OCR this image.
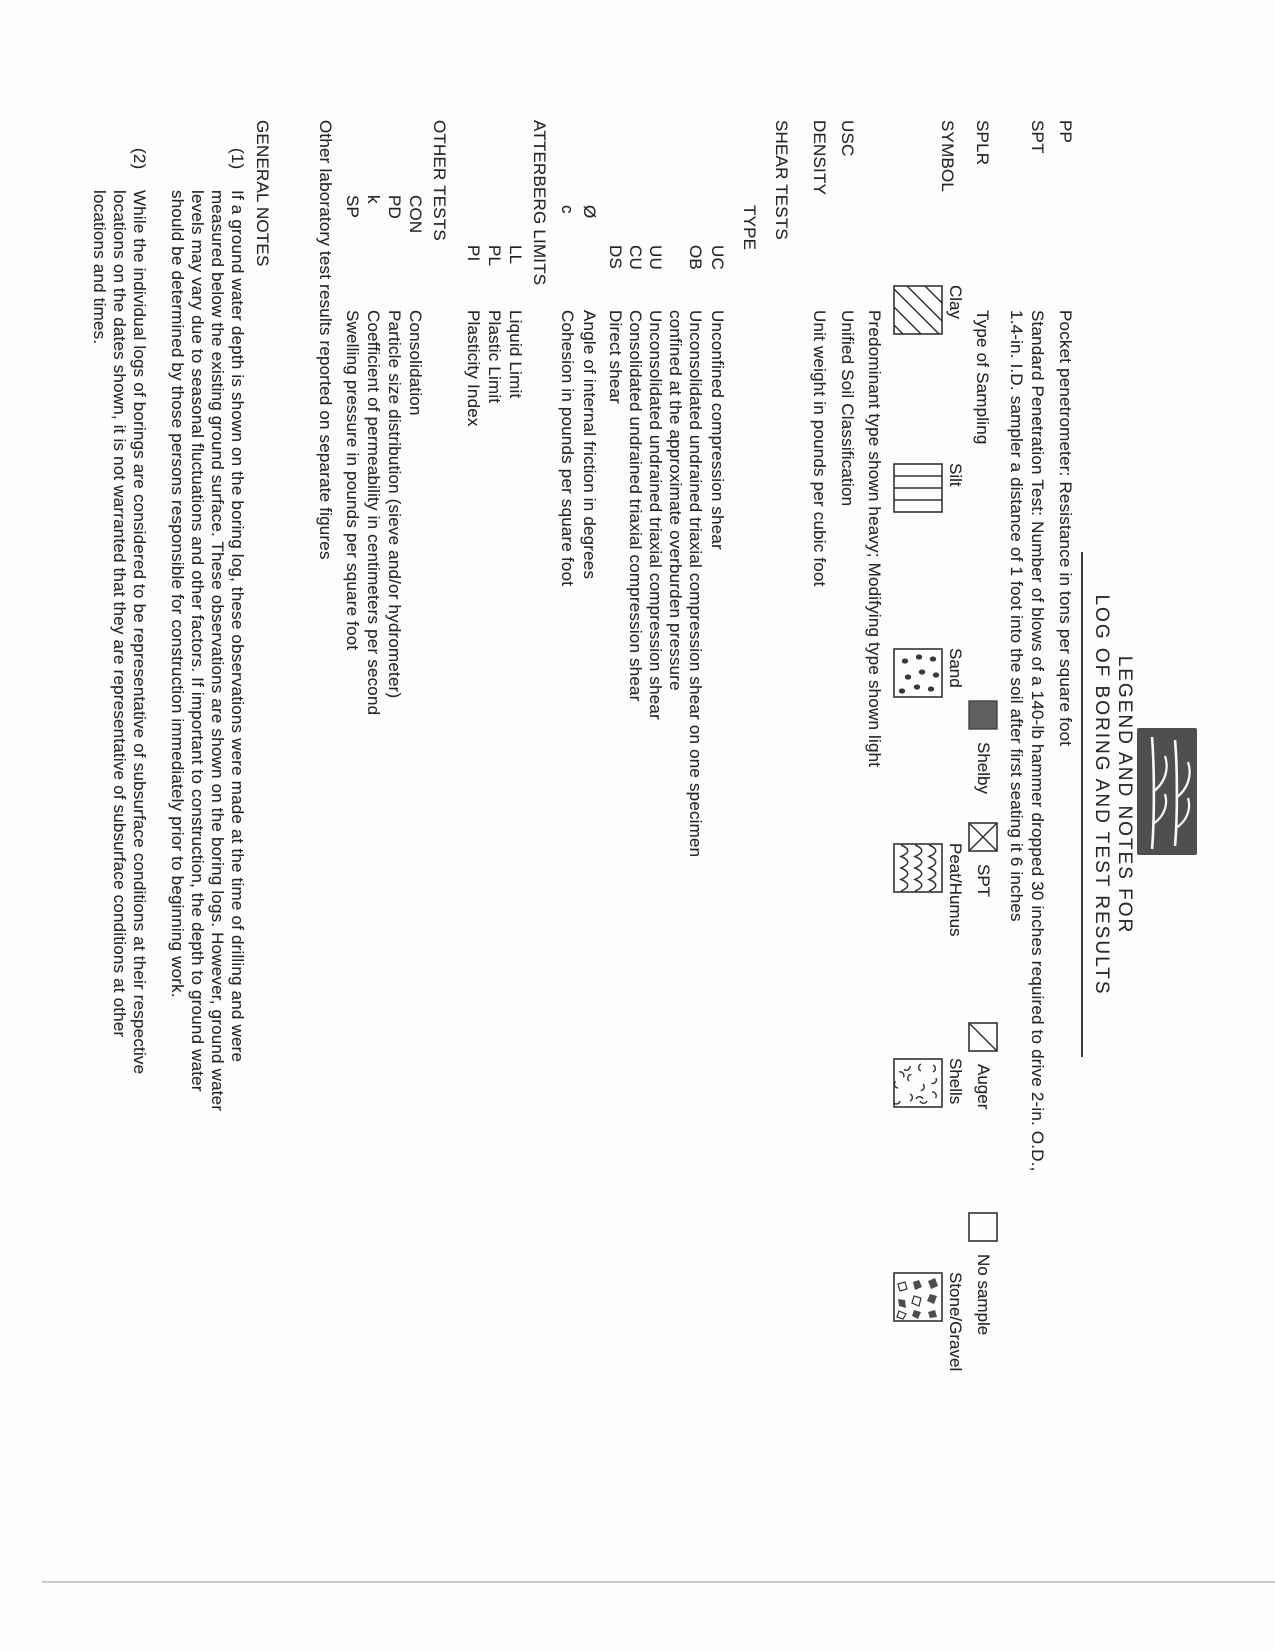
LEGEND AND NOTES FOR
LOG OF BORING AND TEST RESULTS
PP
Pocket penetrometer: Resistance in tons per square foot
SPT
Standard Penetration Test: Number of blows of a 140-lb hammer dropped 30 inches required to drive 2-in. O.D.,
1.4-in. I.D. sampler a distance of 1 foot into the soil after first seating it 6 inches
SPLR
Type of Sampling
Shelby
SPT
Auger
No sample
SYMBOL
Clay
Silt
Sand
Peat/Humus
Shells
Stone/Gravel
Predominant type shown heavy; Modifying type shown light
USC
Unified Soil Classification
DENSITY
Unit weight in pounds per cubic foot
SHEAR TESTS
TYPE
UC
Unconfined compression shear
OB
Unconsolidated undrained triaxial compression shear on one specimen
confined at the approximate overburden pressure
UU
Unconsolidated undrained triaxial compression shear
CU
Consolidated undrained triaxial compression shear
DS
Direct shear
Ø
Angle of internal friction in degrees
c
Cohesion in pounds per square foot
ATTERBERG LIMITS
LL
Liquid Limit
PL
Plastic Limit
PI
Plasticity Index
OTHER TESTS
CON
Consolidation
PD
Particle size distribution (sieve and/or hydrometer)
k
Coefficient of permeability in centimeters per second
SP
Swelling pressure in pounds per square foot
Other laboratory test results reported on separate figures
GENERAL NOTES
(1)
If a ground water depth is shown on the boring log, these observations were made at the time of drilling and were
measured below the existing ground surface. These observations are shown on the boring logs. However, ground water
levels may vary due to seasonal fluctuations and other factors. If important to construction, the depth to ground water
should be determined by those persons responsible for construction immediately prior to beginning work.
(2)
While the individual logs of borings are considered to be representative of subsurface conditions at their respective
locations on the dates shown, it is not warranted that they are representative of subsurface conditions at other
locations and times.
